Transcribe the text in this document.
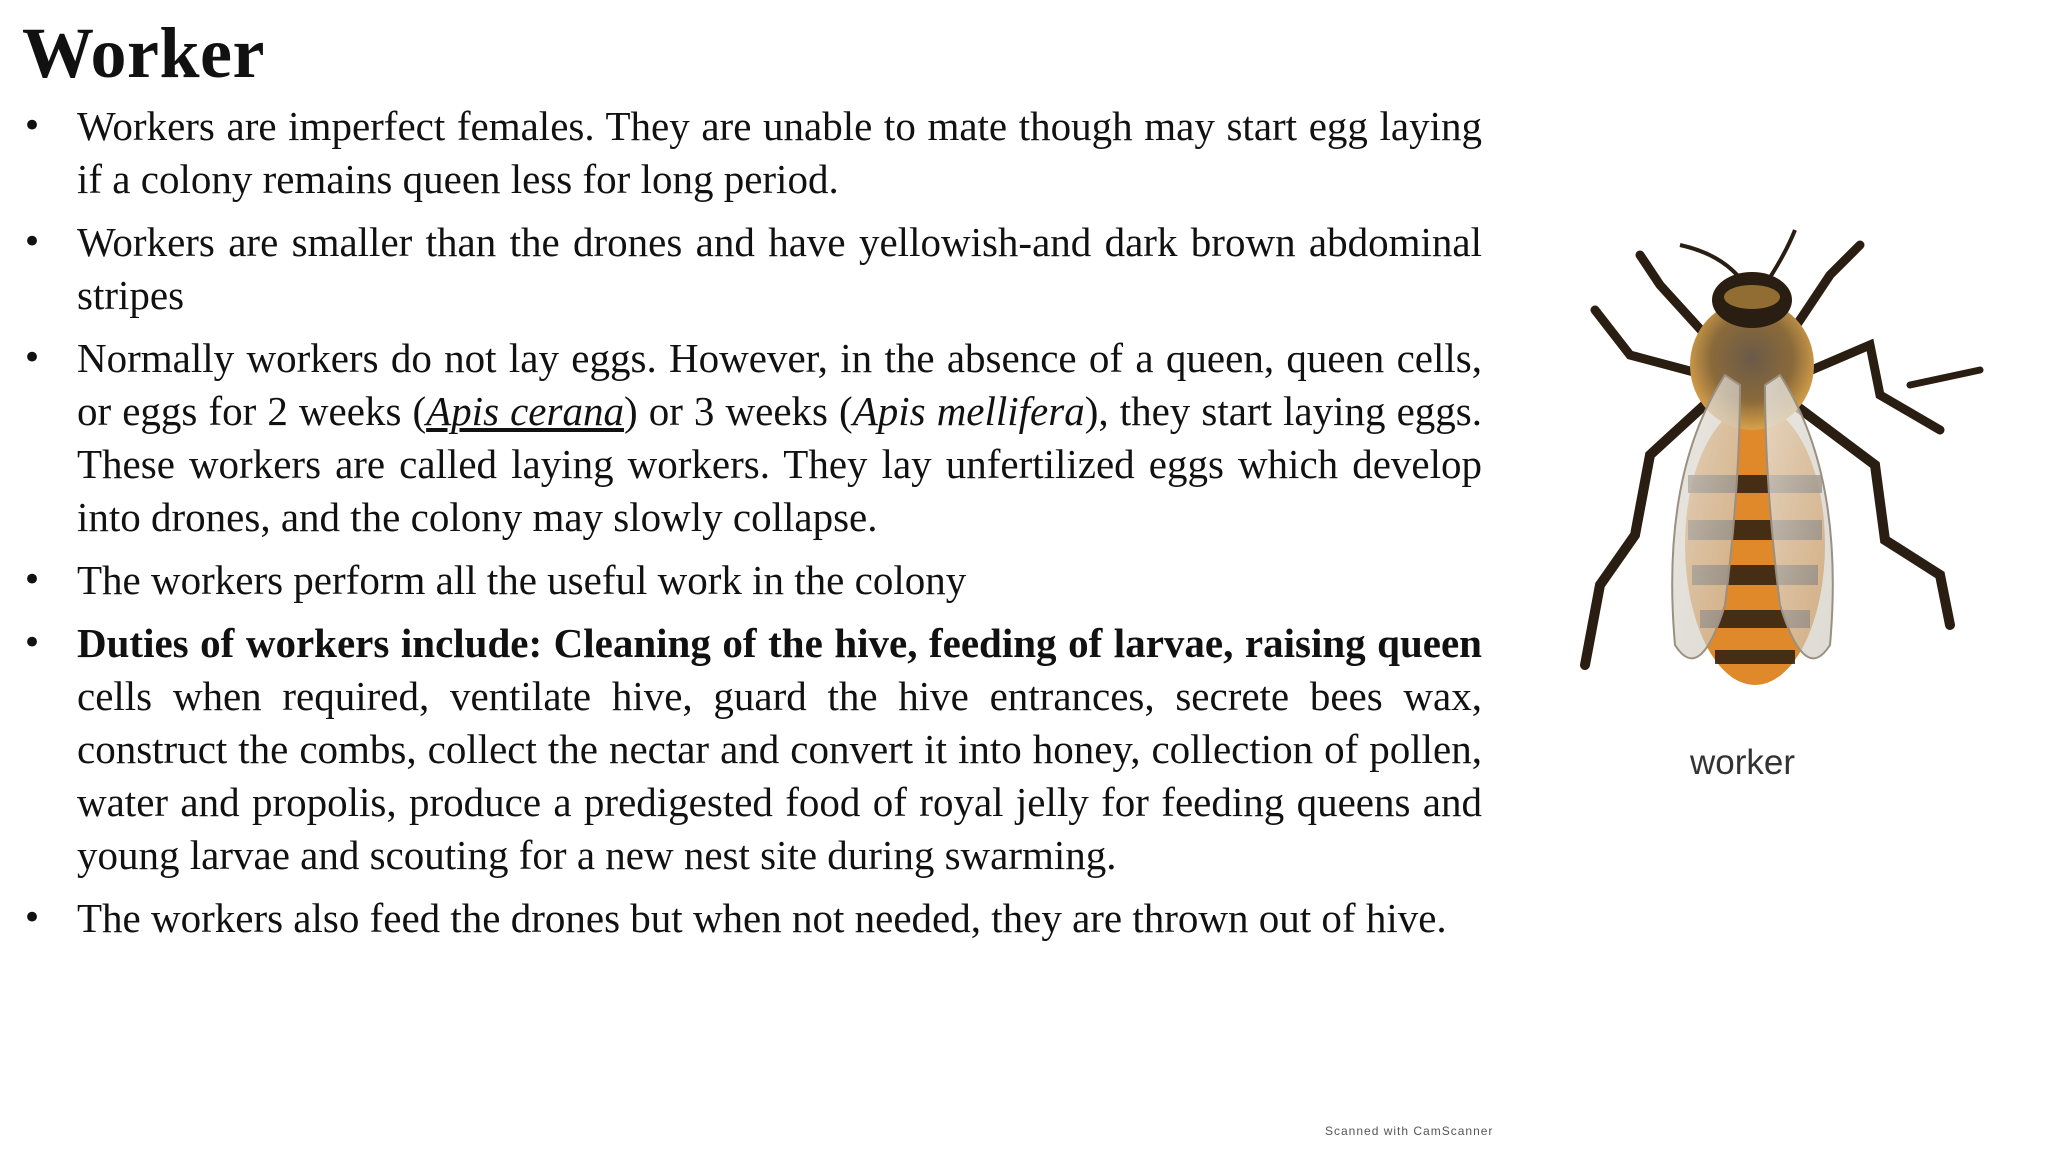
Worker
• Workers are imperfect females. They are unable to mate though may start egg laying if a colony remains queen less for long period.
• Workers are smaller than the drones and have yellowish-and dark brown abdominal stripes
• Normally workers do not lay eggs. However, in the absence of a queen, queen cells, or eggs for 2 weeks (Apis cerana) or 3 weeks (Apis mellifera), they start laying eggs. These workers are called laying workers. They lay unfertilized eggs which develop into drones, and the colony may slowly collapse.
• The workers perform all the useful work in the colony
• Duties of workers include: Cleaning of the hive, feeding of larvae, raising queen cells when required, ventilate hive, guard the hive entrances, secrete bees wax, construct the combs, collect the nectar and convert it into honey, collection of pollen, water and propolis, produce a predigested food of royal jelly for feeding queens and young larvae and scouting for a new nest site during swarming.
• The workers also feed the drones but when not needed, they are thrown out of hive.
worker
Scanned with CamScanner
